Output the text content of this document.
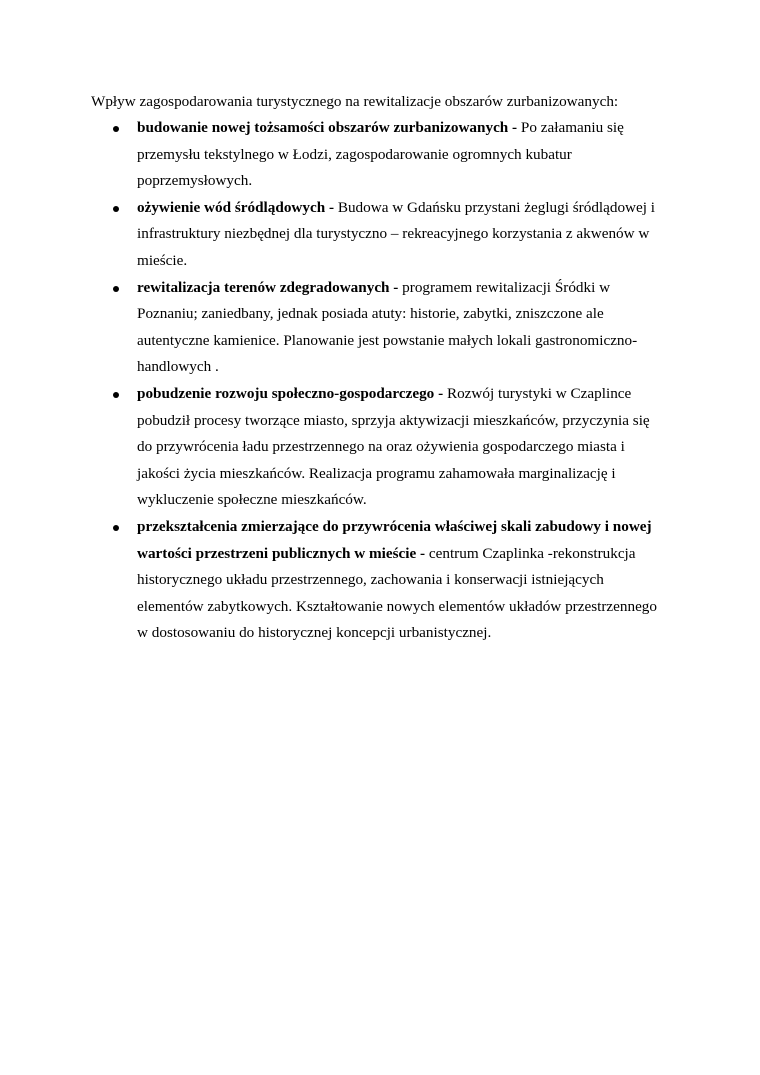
Wpływ zagospodarowania turystycznego na rewitalizacje obszarów zurbanizowanych:

budowanie nowej tożsamości obszarów zurbanizowanych - Po załamaniu się
przemysłu tekstylnego w Łodzi, zagospodarowanie ogromnych kubatur
poprzemysłowych.
ożywienie wód śródlądowych - Budowa w Gdańsku przystani żeglugi śródlądowej i
infrastruktury niezbędnej dla turystyczno – rekreacyjnego korzystania z akwenów w
mieście.
rewitalizacja terenów zdegradowanych - programem rewitalizacji Śródki w
Poznaniu; zaniedbany, jednak posiada atuty: historie, zabytki, zniszczone ale
autentyczne kamienice. Planowanie jest powstanie małych lokali gastronomiczno-
handlowych .
pobudzenie rozwoju społeczno-gospodarczego - Rozwój turystyki w Czaplince
pobudził procesy tworzące miasto, sprzyja aktywizacji mieszkańców, przyczynia się
do przywrócenia ładu przestrzennego na oraz ożywienia gospodarczego miasta i
jakości życia mieszkańców. Realizacja programu zahamowała marginalizację i
wykluczenie społeczne mieszkańców.
przekształcenia zmierzające do przywrócenia właściwej skali zabudowy i nowej
wartości przestrzeni publicznych w mieście - centrum Czaplinka -rekonstrukcja
historycznego układu przestrzennego, zachowania i konserwacji istniejących
elementów zabytkowych. Kształtowanie nowych elementów układów przestrzennego
w dostosowaniu do historycznej koncepcji urbanistycznej.
